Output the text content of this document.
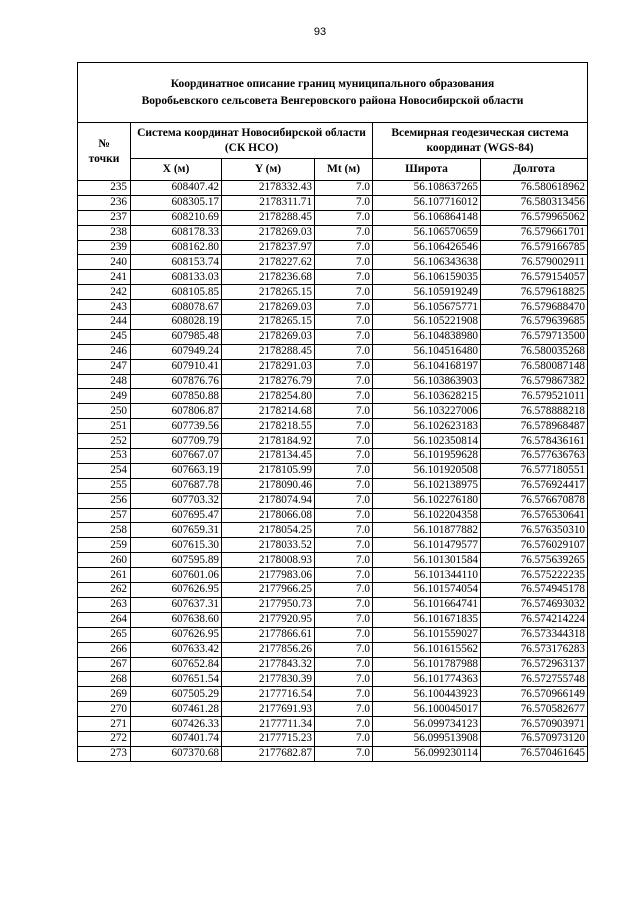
93
Координатное описание границ муниципального образования
Воробьевского сельсовета Венгеровского района Новосибирской области					

№
точки	Система координат Новосибирской области (СК НСО)			Всемирная геодезическая система координат (WGS-84)	
	X (м)	Y (м)	Mt (м)	Широта	Долгота
235	608407.42	2178332.43	7.0	56.108637265	76.580618962
236	608305.17	2178311.71	7.0	56.107716012	76.580313456
237	608210.69	2178288.45	7.0	56.106864148	76.579965062
238	608178.33	2178269.03	7.0	56.106570659	76.579661701
239	608162.80	2178237.97	7.0	56.106426546	76.579166785
240	608153.74	2178227.62	7.0	56.106343638	76.579002911
241	608133.03	2178236.68	7.0	56.106159035	76.579154057
242	608105.85	2178265.15	7.0	56.105919249	76.579618825
243	608078.67	2178269.03	7.0	56.105675771	76.579688470
244	608028.19	2178265.15	7.0	56.105221908	76.579639685
245	607985.48	2178269.03	7.0	56.104838980	76.579713500
246	607949.24	2178288.45	7.0	56.104516480	76.580035268
247	607910.41	2178291.03	7.0	56.104168197	76.580087148
248	607876.76	2178276.79	7.0	56.103863903	76.579867382
249	607850.88	2178254.80	7.0	56.103628215	76.579521011
250	607806.87	2178214.68	7.0	56.103227006	76.578888218
251	607739.56	2178218.55	7.0	56.102623183	76.578968487
252	607709.79	2178184.92	7.0	56.102350814	76.578436161
253	607667.07	2178134.45	7.0	56.101959628	76.577636763
254	607663.19	2178105.99	7.0	56.101920508	76.577180551
255	607687.78	2178090.46	7.0	56.102138975	76.576924417
256	607703.32	2178074.94	7.0	56.102276180	76.576670878
257	607695.47	2178066.08	7.0	56.102204358	76.576530641
258	607659.31	2178054.25	7.0	56.101877882	76.576350310
259	607615.30	2178033.52	7.0	56.101479577	76.576029107
260	607595.89	2178008.93	7.0	56.101301584	76.575639265
261	607601.06	2177983.06	7.0	56.101344110	76.575222235
262	607626.95	2177966.25	7.0	56.101574054	76.574945178
263	607637.31	2177950.73	7.0	56.101664741	76.574693032
264	607638.60	2177920.95	7.0	56.101671835	76.574214224
265	607626.95	2177866.61	7.0	56.101559027	76.573344318
266	607633.42	2177856.26	7.0	56.101615562	76.573176283
267	607652.84	2177843.32	7.0	56.101787988	76.572963137
268	607651.54	2177830.39	7.0	56.101774363	76.572755748
269	607505.29	2177716.54	7.0	56.100443923	76.570966149
270	607461.28	2177691.93	7.0	56.100045017	76.570582677
271	607426.33	2177711.34	7.0	56.099734123	76.570903971
272	607401.74	2177715.23	7.0	56.099513908	76.570973120
273	607370.68	2177682.87	7.0	56.099230114	76.570461645
